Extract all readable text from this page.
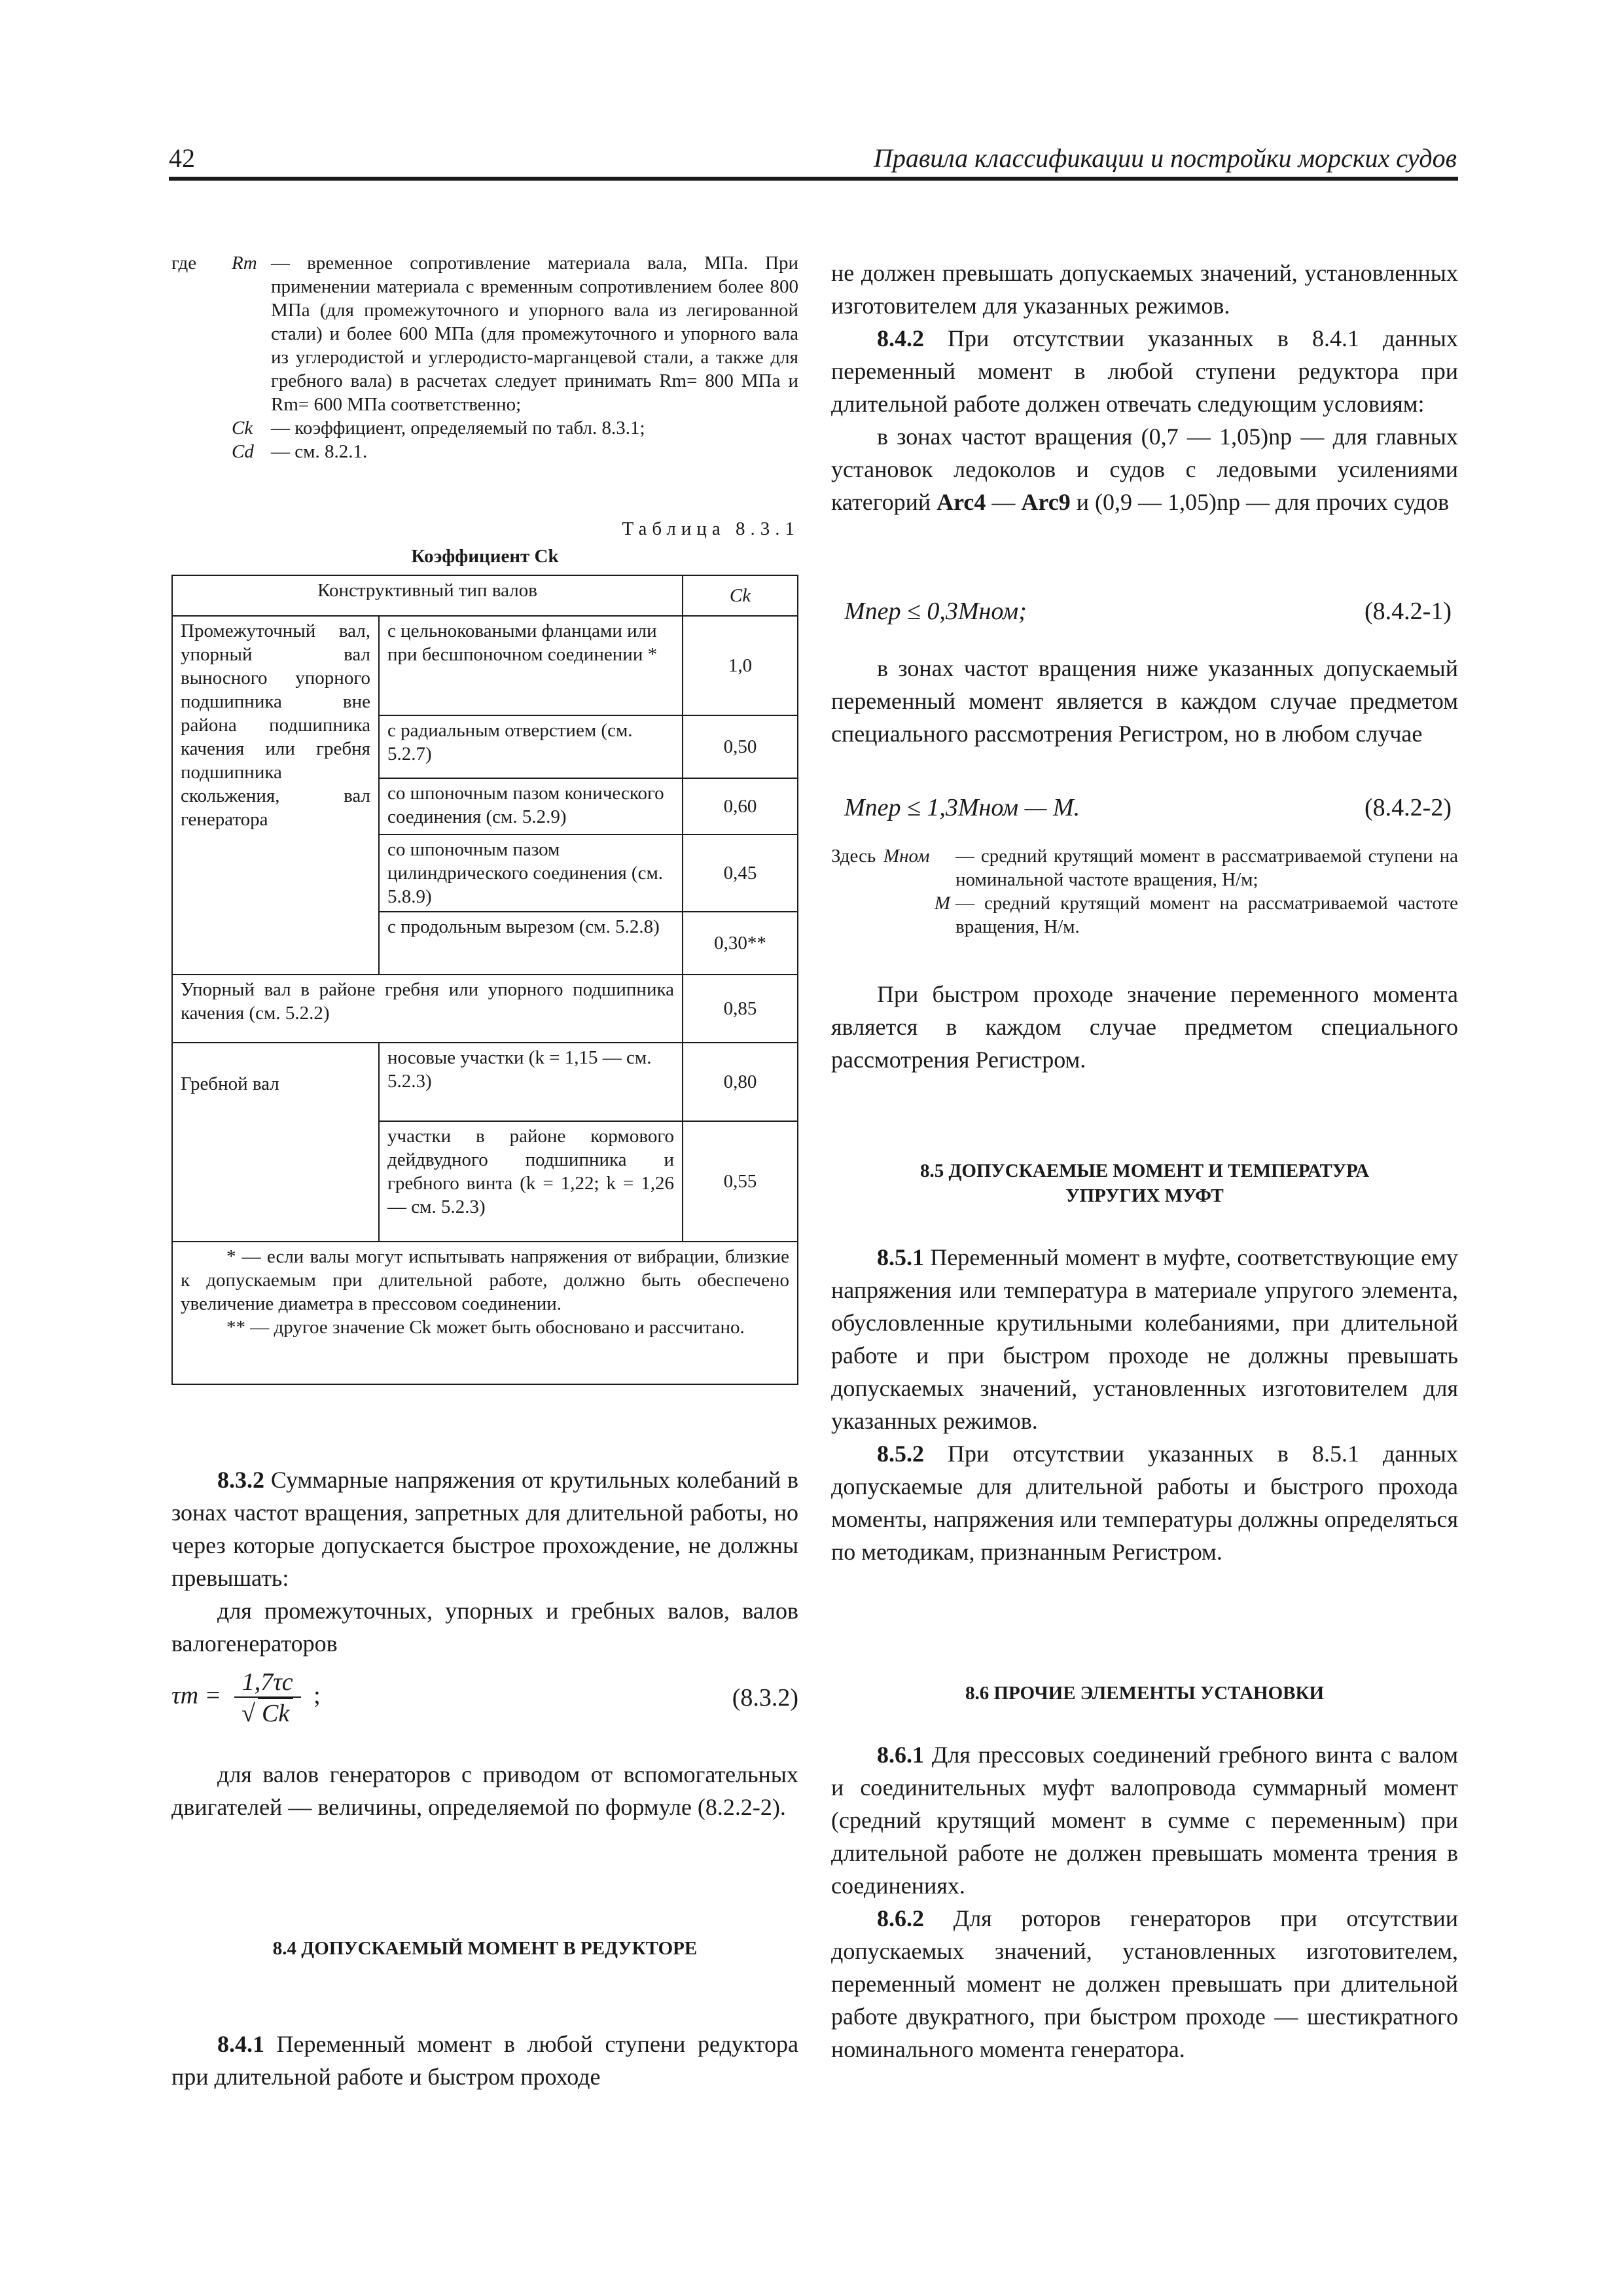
42	Правила классификации и постройки морских судов
где	Rm — временное сопротивление материала вала, МПа. При применении материала с временным сопротивлением более 800 МПа (для промежуточного и упорного вала из легированной стали) и более 600 МПа (для промежуточного и упорного вала из углеродистой и углеродисто-марганцевой стали, а также для гребного вала) в расчетах следует принимать Rm= 800 МПа и Rm= 600 МПа соответственно;
Ck — коэффициент, определяемый по табл. 8.3.1;
Cd — см. 8.2.1.
Таблица 8.3.1
Коэффициент Ck
Конструктивный тип валов		Ck
Промежуточный вал, упорный вал выносного упорного подшипника вне района подшипника качения или гребня подшипника скольжения, вал генератора	с цельноковаными фланцами или при бесшпоночном соединении *	1,0
	с радиальным отверстием (см. 5.2.7)	0,50
	со шпоночным пазом конического соединения (см. 5.2.9)	0,60
	со шпоночным пазом цилиндрического соединения (см. 5.8.9)	0,45
	с продольным вырезом (см. 5.2.8)	0,30**
Упорный вал в районе гребня или упорного подшипника качения (см. 5.2.2)		0,85
Гребной вал	носовые участки (k = 1,15 — см. 5.2.3)	0,80
	участки в районе кормового дейдвудного подшипника и гребного винта (k = 1,22; k = 1,26 — см. 5.2.3)	0,55

* — если валы могут испытывать напряжения от вибрации, близкие к допускаемым при длительной работе, должно быть обеспечено увеличение диаметра в прессовом соединении.
** — другое значение Ck может быть обосновано и рассчитано.		

8.3.2 Суммарные напряжения от крутильных колебаний в зонах частот вращения, запретных для длительной работы, но через которые допускается быстрое прохождение, не должны превышать:

для промежуточных, упорных и гребных валов, валов валогенераторов

$\tau т = \frac{1,7\tau c}{√ Ck}$ ;	(8.3.2)

для валов генераторов с приводом от вспомогательных двигателей — величины, определяемой по формуле (8.2.2-2).

8.4 ДОПУСКАЕМЫЙ МОМЕНТ В РЕДУКТОРЕ

8.4.1 Переменный момент в любой ступени редуктора при длительной работе и быстром проходе

не должен превышать допускаемых значений, установленных изготовителем для указанных режимов.

8.4.2 При отсутствии указанных в 8.4.1 данных переменный момент в любой ступени редуктора при длительной работе должен отвечать следующим условиям:

в зонах частот вращения (0,7 — 1,05)np — для главных установок ледоколов и судов с ледовыми усилениями категорий Arc4 — Arc9 и (0,9 — 1,05)np — для прочих судов

Mпер ≤ 0,3Mном;	(8.4.2-1)

в зонах частот вращения ниже указанных допускаемый переменный момент является в каждом случае предметом специального рассмотрения Регистром, но в любом случае

Mпер ≤ 1,3Mном — M.	(8.4.2-2)
Здесь Mном	— средний крутящий момент в рассматриваемой ступени на номинальной частоте вращения, Н/м;
M — средний крутящий момент на рассматриваемой частоте вращения, Н/м.

При быстром проходе значение переменного момента является в каждом случае предметом специального рассмотрения Регистром.

8.5 ДОПУСКАЕМЫЕ МОМЕНТ И ТЕМПЕРАТУРА
УПРУГИХ МУФТ

8.5.1 Переменный момент в муфте, соответствующие ему напряжения или температура в материале упругого элемента, обусловленные крутильными колебаниями, при длительной работе и при быстром проходе не должны превышать допускаемых значений, установленных изготовителем для указанных режимов.

8.5.2 При отсутствии указанных в 8.5.1 данных допускаемые для длительной работы и быстрого прохода моменты, напряжения или температуры должны определяться по методикам, признанным Регистром.

8.6 ПРОЧИЕ ЭЛЕМЕНТЫ УСТАНОВКИ

8.6.1 Для прессовых соединений гребного винта с валом и соединительных муфт валопровода суммарный момент (средний крутящий момент в сумме с переменным) при длительной работе не должен превышать момента трения в соединениях.

8.6.2 Для роторов генераторов при отсутствии допускаемых значений, установленных изготовителем, переменный момент не должен превышать при длительной работе двукратного, при быстром проходе — шестикратного номинального момента генератора.
